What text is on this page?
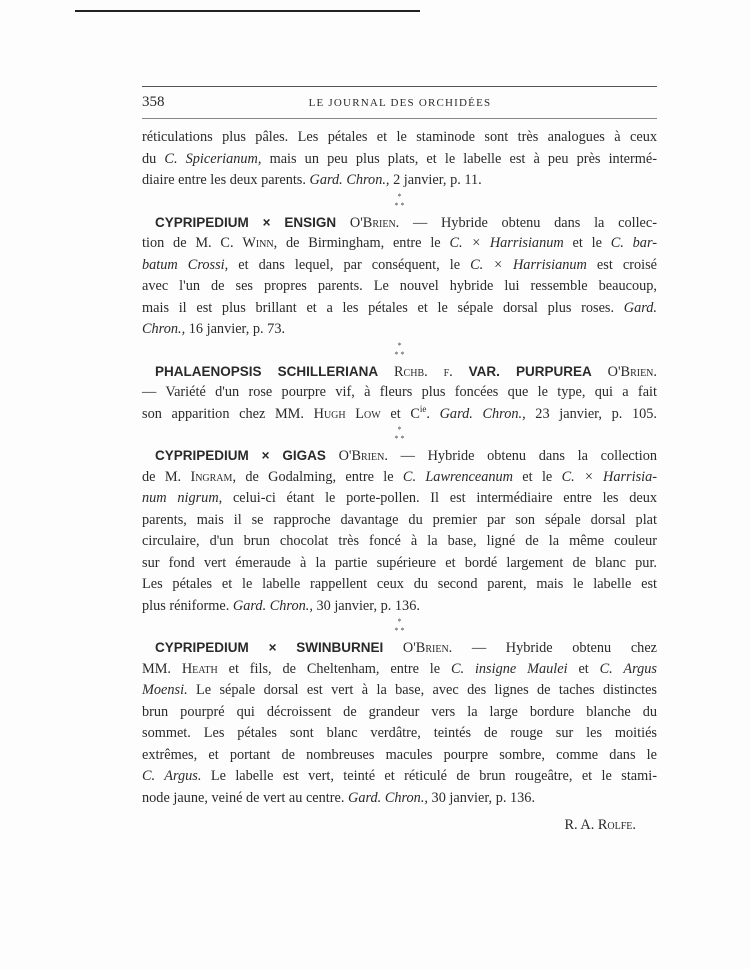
358	LE JOURNAL DES ORCHIDÉES
réticulations plus pâles. Les pétales et le staminode sont très analogues à ceux
du C. Spicerianum, mais un peu plus plats, et le labelle est à peu près intermé-
diaire entre les deux parents. Gard. Chron., 2 janvier, p. 11.
*
* *
CYPRIPEDIUM × ENSIGN O'Brien. — Hybride obtenu dans la collec-
tion de M. C. Winn, de Birmingham, entre le C. × Harrisianum et le C. bar-
batum Crossi, et dans lequel, par conséquent, le C. × Harrisianum est croisé
avec l'un de ses propres parents. Le nouvel hybride lui ressemble beaucoup,
mais il est plus brillant et a les pétales et le sépale dorsal plus roses. Gard.
Chron., 16 janvier, p. 73.
*
* *
PHALAENOPSIS SCHILLERIANA Rchb. f. VAR. PURPUREA O'Brien.
— Variété d'un rose pourpre vif, à fleurs plus foncées que le type, qui a fait
son apparition chez MM. Hugh Low et $C^{ie}$. Gard. Chron., 23 janvier, p. 105.
*
* *
CYPRIPEDIUM × GIGAS O'Brien. — Hybride obtenu dans la collection
de M. Ingram, de Godalming, entre le C. Lawrenceanum et le C. × Harrisia-
num nigrum, celui-ci étant le porte-pollen. Il est intermédiaire entre les deux
parents, mais il se rapproche davantage du premier par son sépale dorsal plat
circulaire, d'un brun chocolat très foncé à la base, ligné de la même couleur
sur fond vert émeraude à la partie supérieure et bordé largement de blanc pur.
Les pétales et le labelle rappellent ceux du second parent, mais le labelle est
plus réniforme. Gard. Chron., 30 janvier, p. 136.
*
* *
CYPRIPEDIUM × SWINBURNEI O'Brien. — Hybride obtenu chez
MM. Heath et fils, de Cheltenham, entre le C. insigne Maulei et C. Argus
Moensi. Le sépale dorsal est vert à la base, avec des lignes de taches distinctes
brun pourpré qui décroissent de grandeur vers la large bordure blanche du
sommet. Les pétales sont blanc verdâtre, teintés de rouge sur les moitiés
extrêmes, et portant de nombreuses macules pourpre sombre, comme dans le
C. Argus. Le labelle est vert, teinté et réticulé de brun rougeâtre, et le stami-
node jaune, veiné de vert au centre. Gard. Chron., 30 janvier, p. 136.
R. A. Rolfe.
